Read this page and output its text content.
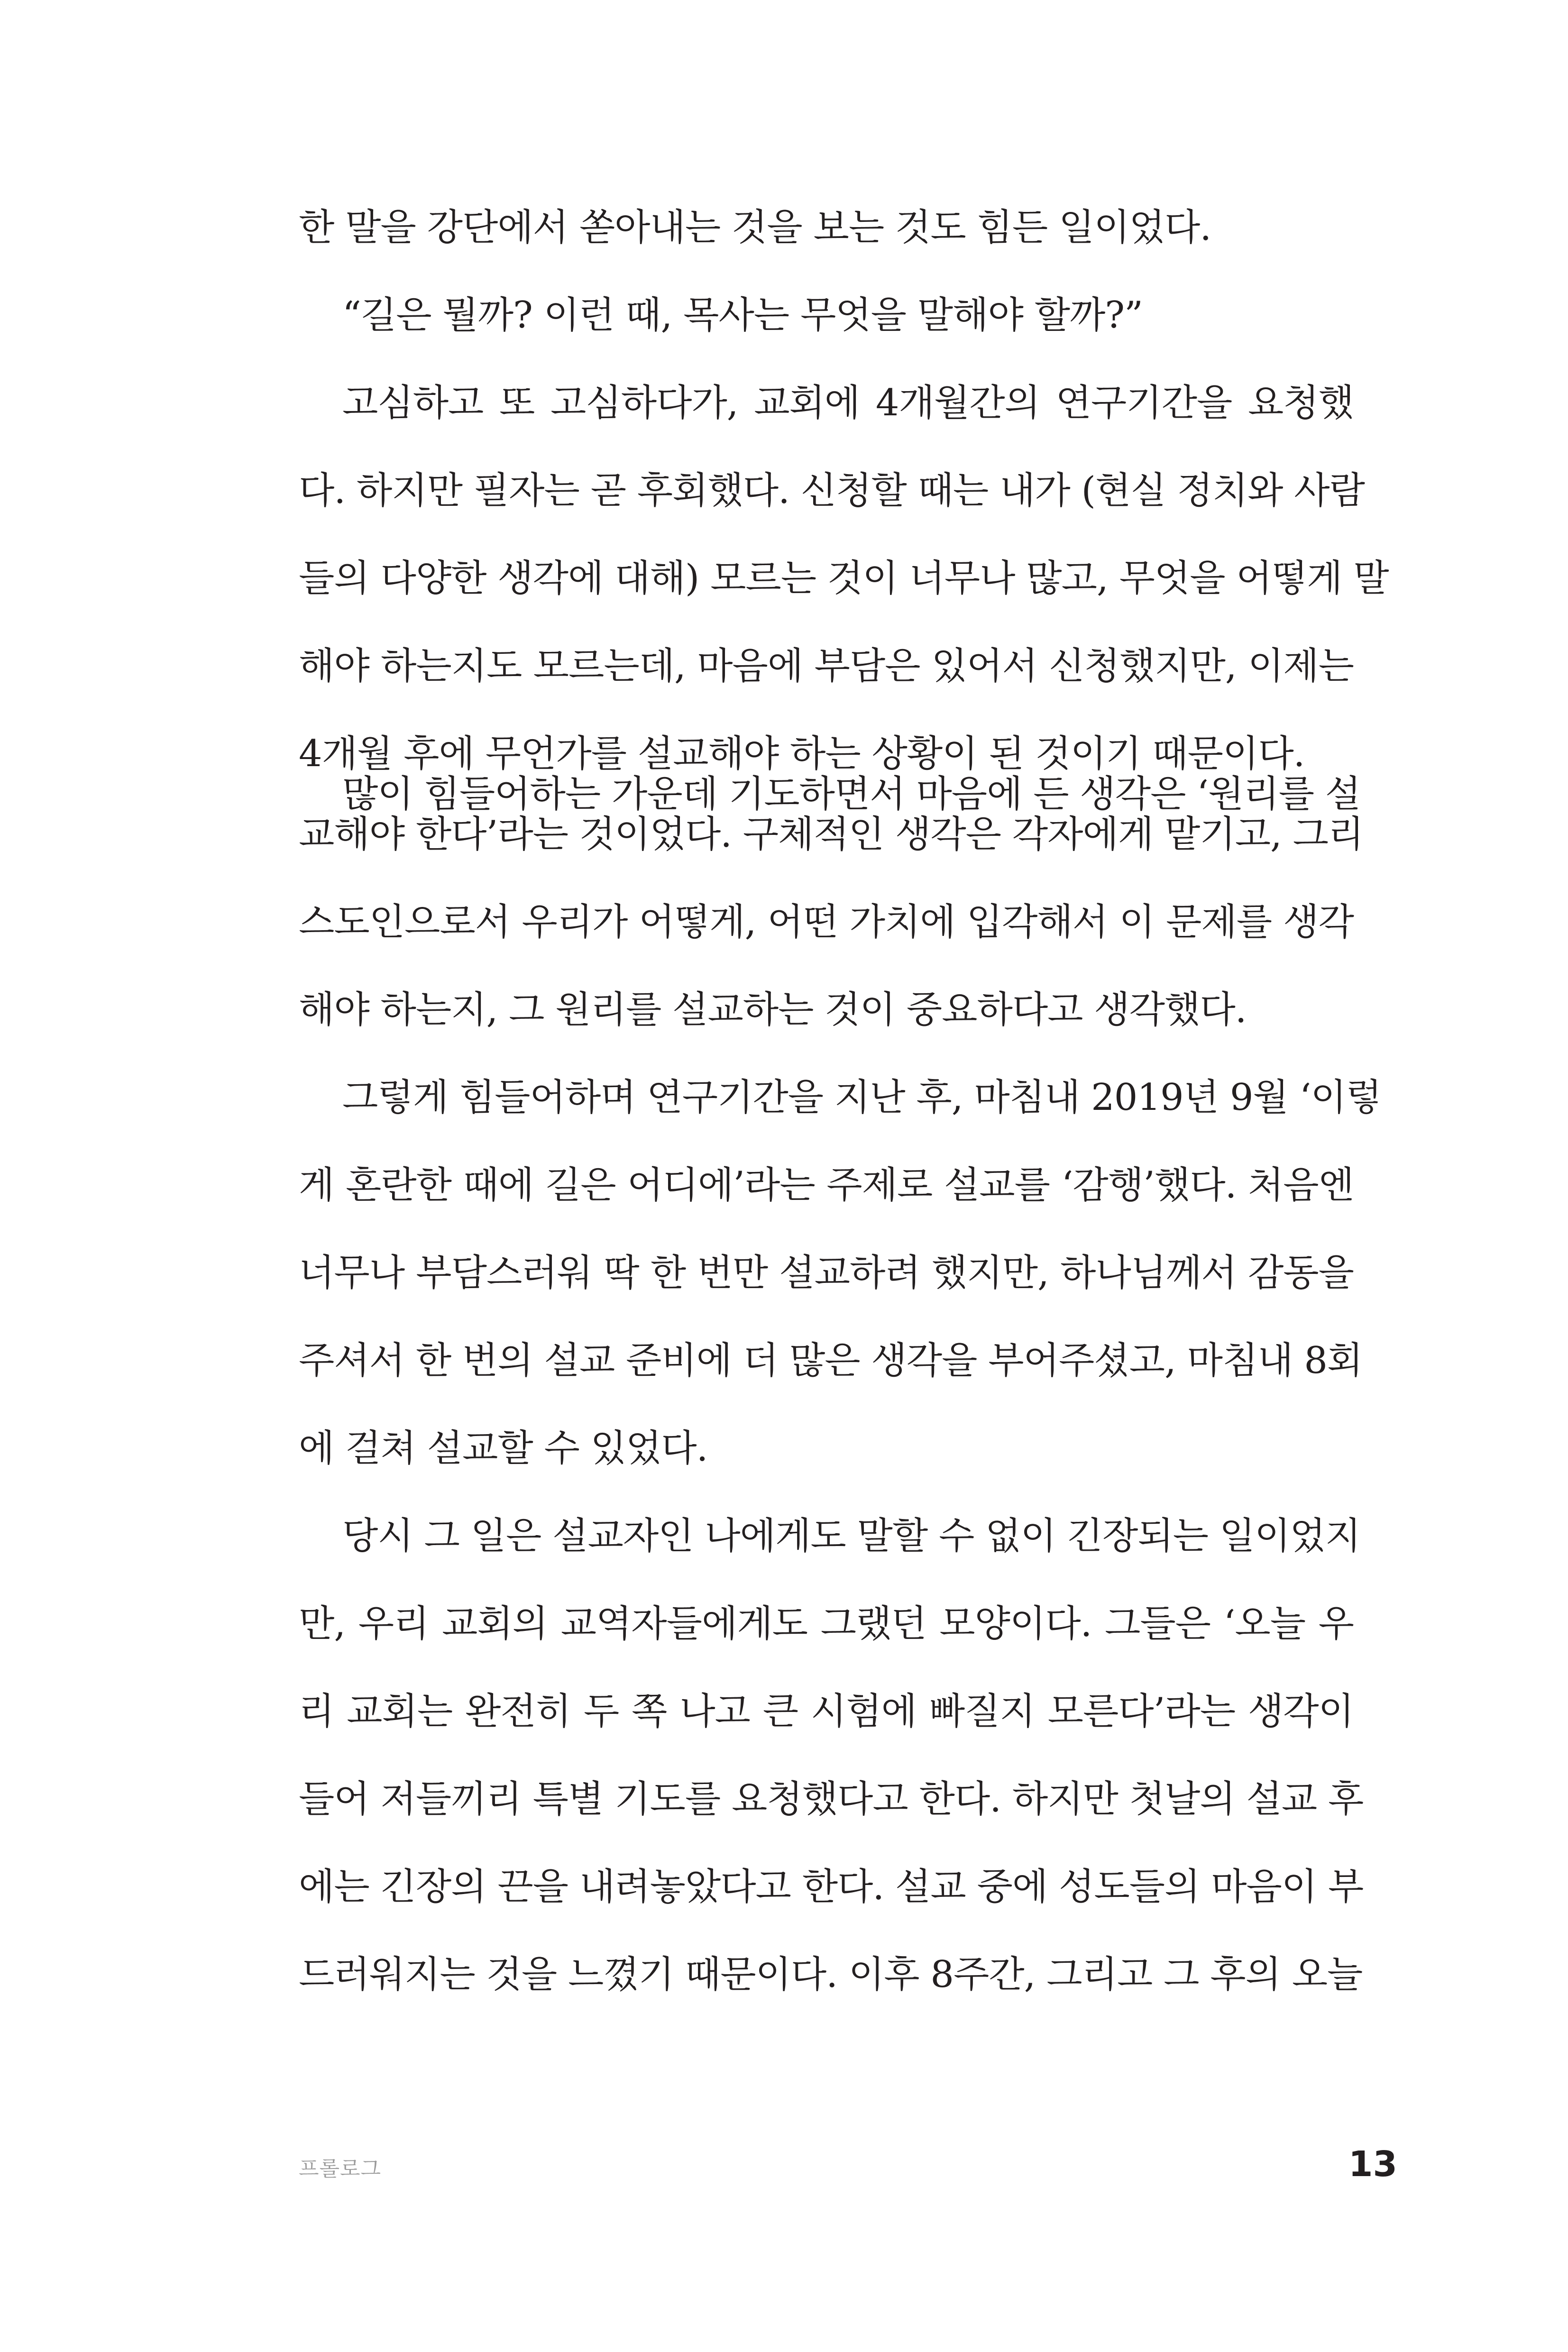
한 말을 강단에서 쏟아내는 것을 보는 것도 힘든 일이었다.
“길은 뭘까? 이런 때, 목사는 무엇을 말해야 할까?”
고심하고 또 고심하다가, 교회에 4개월간의 연구기간을 요청했
다. 하지만 필자는 곧 후회했다. 신청할 때는 내가 (현실 정치와 사람
들의 다양한 생각에 대해) 모르는 것이 너무나 많고, 무엇을 어떻게 말
해야 하는지도 모르는데, 마음에 부담은 있어서 신청했지만, 이제는
4개월 후에 무언가를 설교해야 하는 상황이 된 것이기 때문이다.
많이 힘들어하는 가운데 기도하면서 마음에 든 생각은 ‘원리를 설
교해야 한다’라는 것이었다. 구체적인 생각은 각자에게 맡기고, 그리
스도인으로서 우리가 어떻게, 어떤 가치에 입각해서 이 문제를 생각
해야 하는지, 그 원리를 설교하는 것이 중요하다고 생각했다.
그렇게 힘들어하며 연구기간을 지난 후, 마침내 2019년 9월 ‘이렇
게 혼란한 때에 길은 어디에’라는 주제로 설교를 ‘감행’했다. 처음엔
너무나 부담스러워 딱 한 번만 설교하려 했지만, 하나님께서 감동을
주셔서 한 번의 설교 준비에 더 많은 생각을 부어주셨고, 마침내 8회
에 걸쳐 설교할 수 있었다.
당시 그 일은 설교자인 나에게도 말할 수 없이 긴장되는 일이었지
만, 우리 교회의 교역자들에게도 그랬던 모양이다. 그들은 ‘오늘 우
리 교회는 완전히 두 쪽 나고 큰 시험에 빠질지 모른다’라는 생각이
들어 저들끼리 특별 기도를 요청했다고 한다. 하지만 첫날의 설교 후
에는 긴장의 끈을 내려놓았다고 한다. 설교 중에 성도들의 마음이 부
드러워지는 것을 느꼈기 때문이다. 이후 8주간, 그리고 그 후의 오늘
프롤로그	13
